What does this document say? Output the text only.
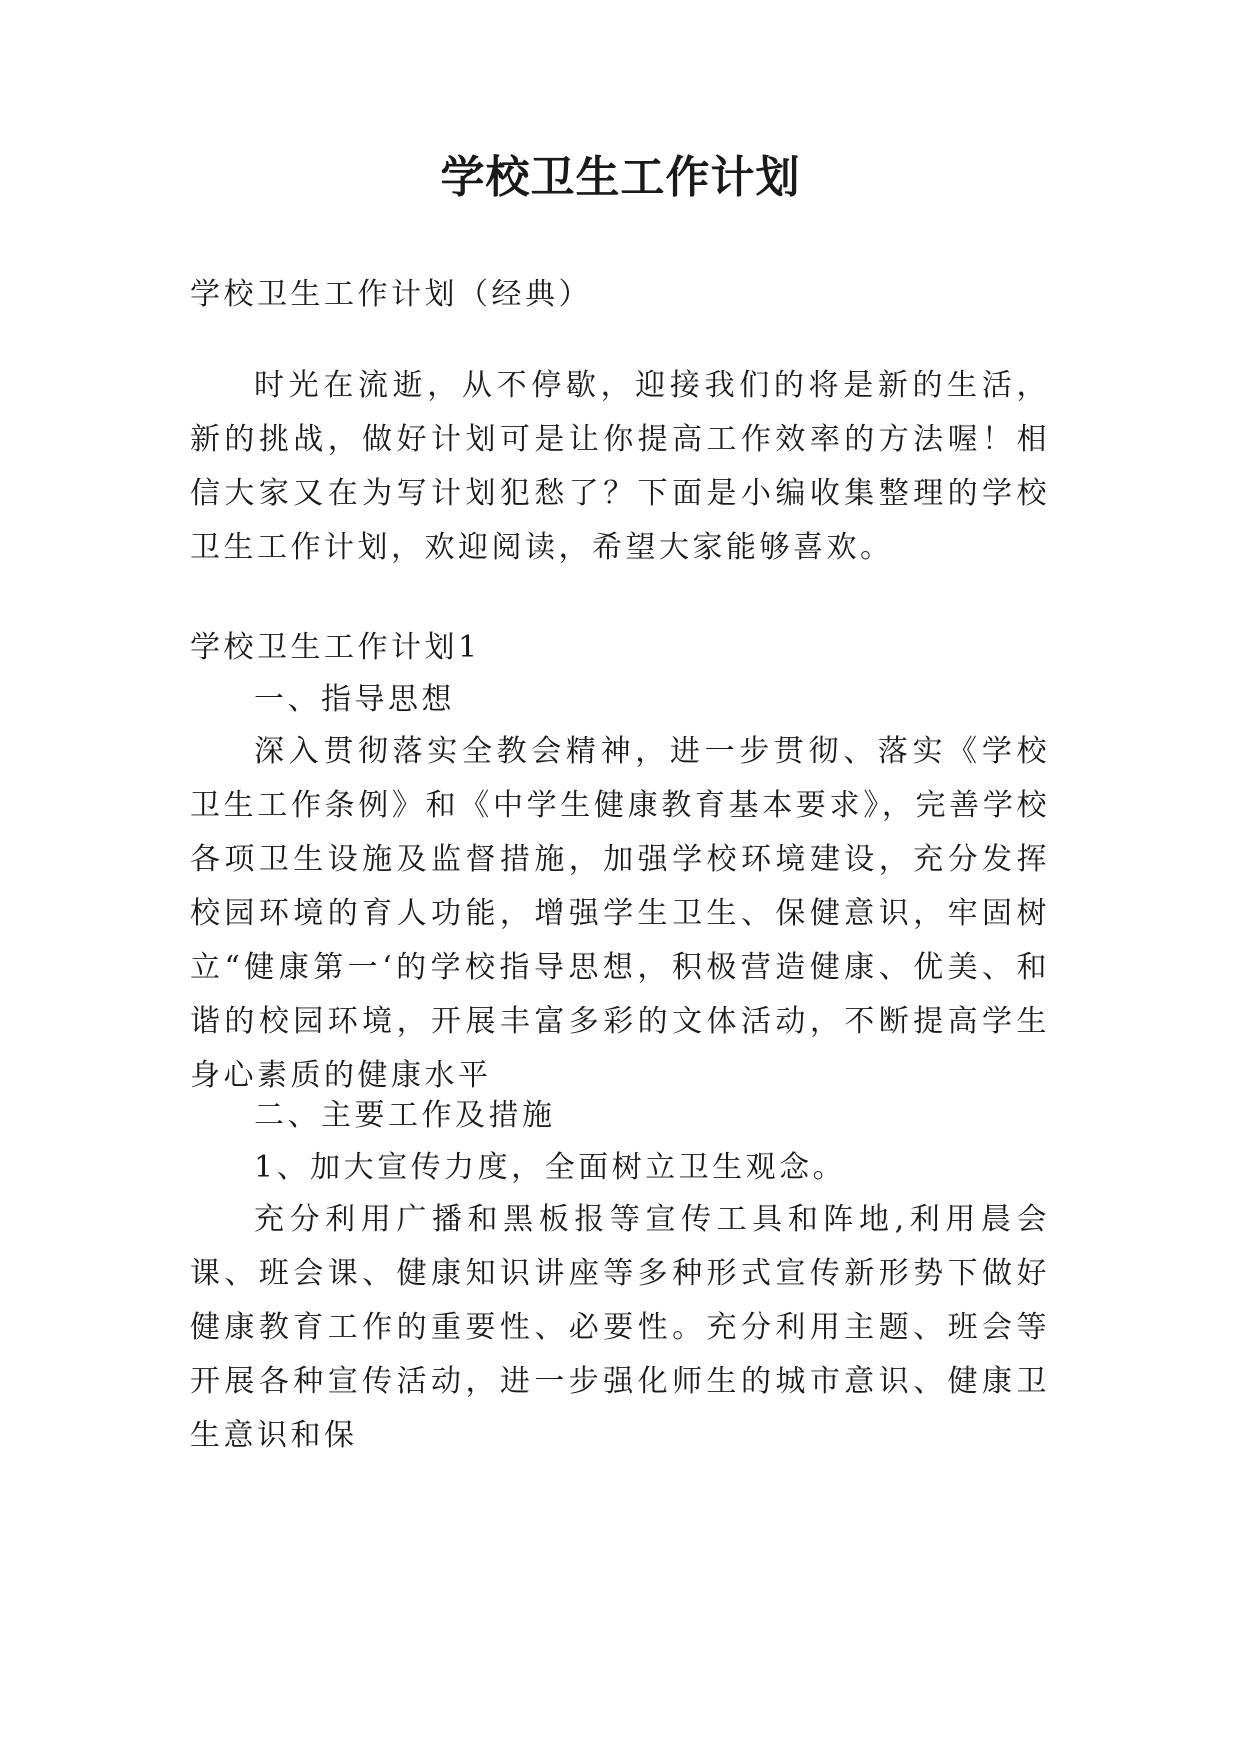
学校卫生工作计划
学校卫生工作计划（经典）
时光在流逝，从不停歇，迎接我们的将是新的生活，新的挑战，做好计划可是让你提高工作效率的方法喔！相信大家又在为写计划犯愁了？下面是小编收集整理的学校卫生工作计划，欢迎阅读，希望大家能够喜欢。
学校卫生工作计划1
一、指导思想
深入贯彻落实全教会精神，进一步贯彻、落实《学校卫生工作条例》和《中学生健康教育基本要求》，完善学校各项卫生设施及监督措施，加强学校环境建设，充分发挥校园环境的育人功能，增强学生卫生、保健意识，牢固树立“健康第一‘的学校指导思想，积极营造健康、优美、和谐的校园环境，开展丰富多彩的文体活动，不断提高学生身心素质的健康水平
二、主要工作及措施
1、加大宣传力度，全面树立卫生观念。
充分利用广播和黑板报等宣传工具和阵地,利用晨会课、班会课、健康知识讲座等多种形式宣传新形势下做好健康教育工作的重要性、必要性。充分利用主题、班会等开展各种宣传活动，进一步强化师生的城市意识、健康卫生意识和保
